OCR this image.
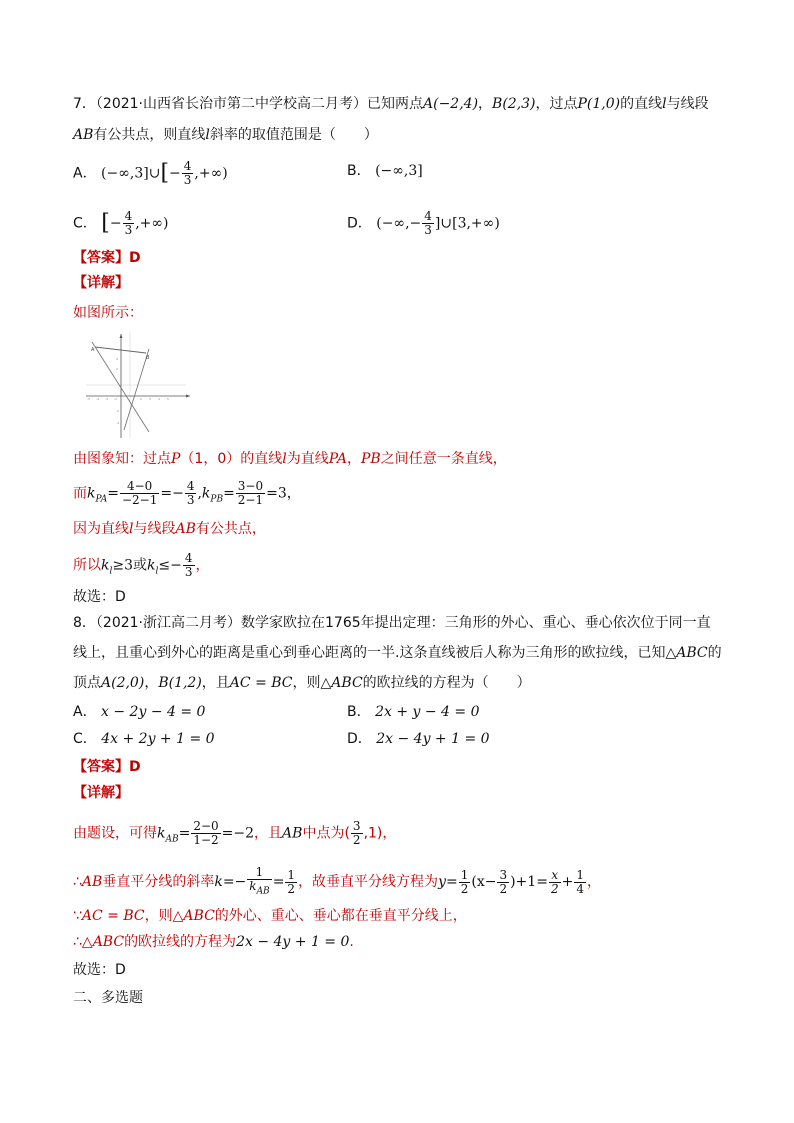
7．（2021·山西省长治市第二中学校高二月考）已知两点A(−2,4)，B(2,3)，过点P(1,0)的直线l与线段
AB有公共点，则直线l斜率的取值范围是（　　）
A． (−∞,3]∪[− $\frac{4}{3}$ ,+∞)	B． (−∞,3]
C． [− $\frac{4}{3}$ ,+∞)	D． (−∞,− $\frac{4}{3}$ ]∪[3,+∞)
【答案】D
【详解】
如图所示：
-5 -4 -3 -2	2 3 4 5
2
4
-2
-4
A
B
由图象知：过点P（1，0）的直线l为直线PA，PB之间任意一条直线，
而$k_{PA}= \frac{4-0}{-2-1} =- \frac{4}{3} ,k_{PB}= \frac{3-0}{2-1} =3$，
因为直线l与线段AB有公共点，
所以$k_l\ge 3$或$k_l\le- \frac{4}{3}$ ，
故选：D
8．（2021·浙江高二月考）数学家欧拉在1765年提出定理：三角形的外心、重心、垂心依次位于同一直
线上，且重心到外心的距离是重心到垂心距离的一半.这条直线被后人称为三角形的欧拉线，已知△ABC的
顶点A(2,0)，B(1,2)，且AC = BC，则△ABC的欧拉线的方程为（　　）
A． x − 2y − 4 = 0	B． 2x + y − 4 = 0
C． 4x + 2y + 1 = 0	D． 2x − 4y + 1 = 0
【答案】D
【详解】
由题设，可得$k_{AB}= \frac{2-0}{1-2} =-2$，且AB中点为( $\frac{3}{2} ,1$)，
∴AB垂直平分线的斜率$k=- \frac{1}{k_{AB}} = \frac{1}{2}$ ，故垂直平分线方程为$y= \frac{1}{2} (x- \frac{3}{2} )+1= \frac{x}{2} + \frac{1}{4}$ ，
∵AC = BC，则△ABC的外心、重心、垂心都在垂直平分线上，
∴△ABC的欧拉线的方程为2x − 4y + 1 = 0.
故选：D
二、多选题
